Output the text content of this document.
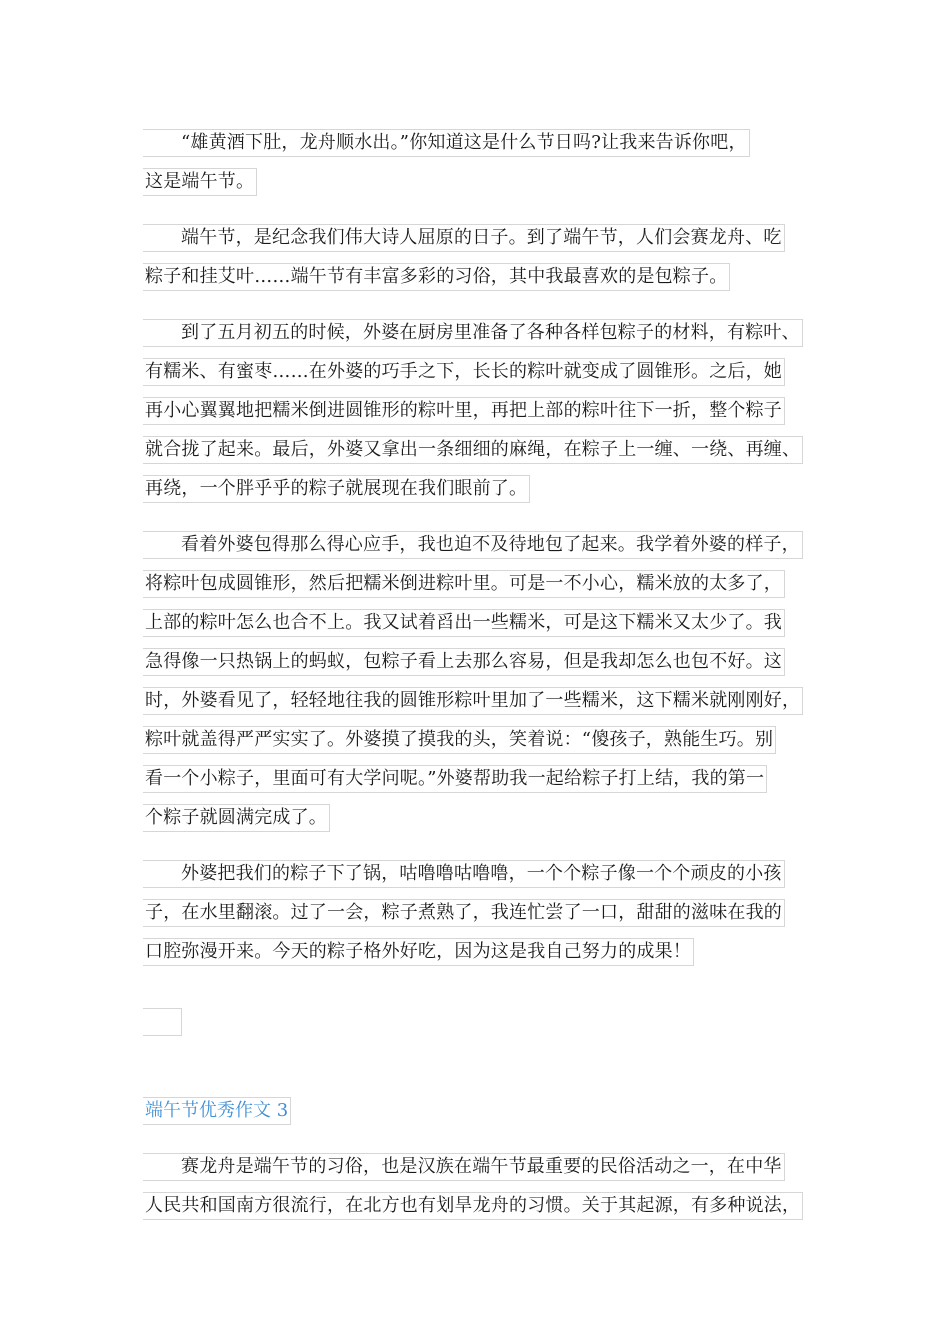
“雄黄酒下肚，龙舟顺水出。”你知道这是什么节日吗?让我来告诉你吧，
这是端午节。
端午节，是纪念我们伟大诗人屈原的日子。到了端午节，人们会赛龙舟、吃
粽子和挂艾叶……端午节有丰富多彩的习俗，其中我最喜欢的是包粽子。
到了五月初五的时候，外婆在厨房里准备了各种各样包粽子的材料，有粽叶、
有糯米、有蜜枣……在外婆的巧手之下，长长的粽叶就变成了圆锥形。之后，她
再小心翼翼地把糯米倒进圆锥形的粽叶里，再把上部的粽叶往下一折，整个粽子
就合拢了起来。最后，外婆又拿出一条细细的麻绳，在粽子上一缠、一绕、再缠、
再绕，一个胖乎乎的粽子就展现在我们眼前了。
看着外婆包得那么得心应手，我也迫不及待地包了起来。我学着外婆的样子，
将粽叶包成圆锥形，然后把糯米倒进粽叶里。可是一不小心，糯米放的太多了，
上部的粽叶怎么也合不上。我又试着舀出一些糯米，可是这下糯米又太少了。我
急得像一只热锅上的蚂蚁，包粽子看上去那么容易，但是我却怎么也包不好。这
时，外婆看见了，轻轻地往我的圆锥形粽叶里加了一些糯米，这下糯米就刚刚好，
粽叶就盖得严严实实了。外婆摸了摸我的头，笑着说：“傻孩子，熟能生巧。别
看一个小粽子，里面可有大学问呢。”外婆帮助我一起给粽子打上结，我的第一
个粽子就圆满完成了。
外婆把我们的粽子下了锅，咕噜噜咕噜噜，一个个粽子像一个个顽皮的小孩
子，在水里翻滚。过了一会，粽子煮熟了，我连忙尝了一口，甜甜的滋味在我的
口腔弥漫开来。今天的粽子格外好吃，因为这是我自己努力的成果！
端午节优秀作文 3
赛龙舟是端午节的习俗，也是汉族在端午节最重要的民俗活动之一，在中华
人民共和国南方很流行，在北方也有划旱龙舟的习惯。关于其起源，有多种说法，
